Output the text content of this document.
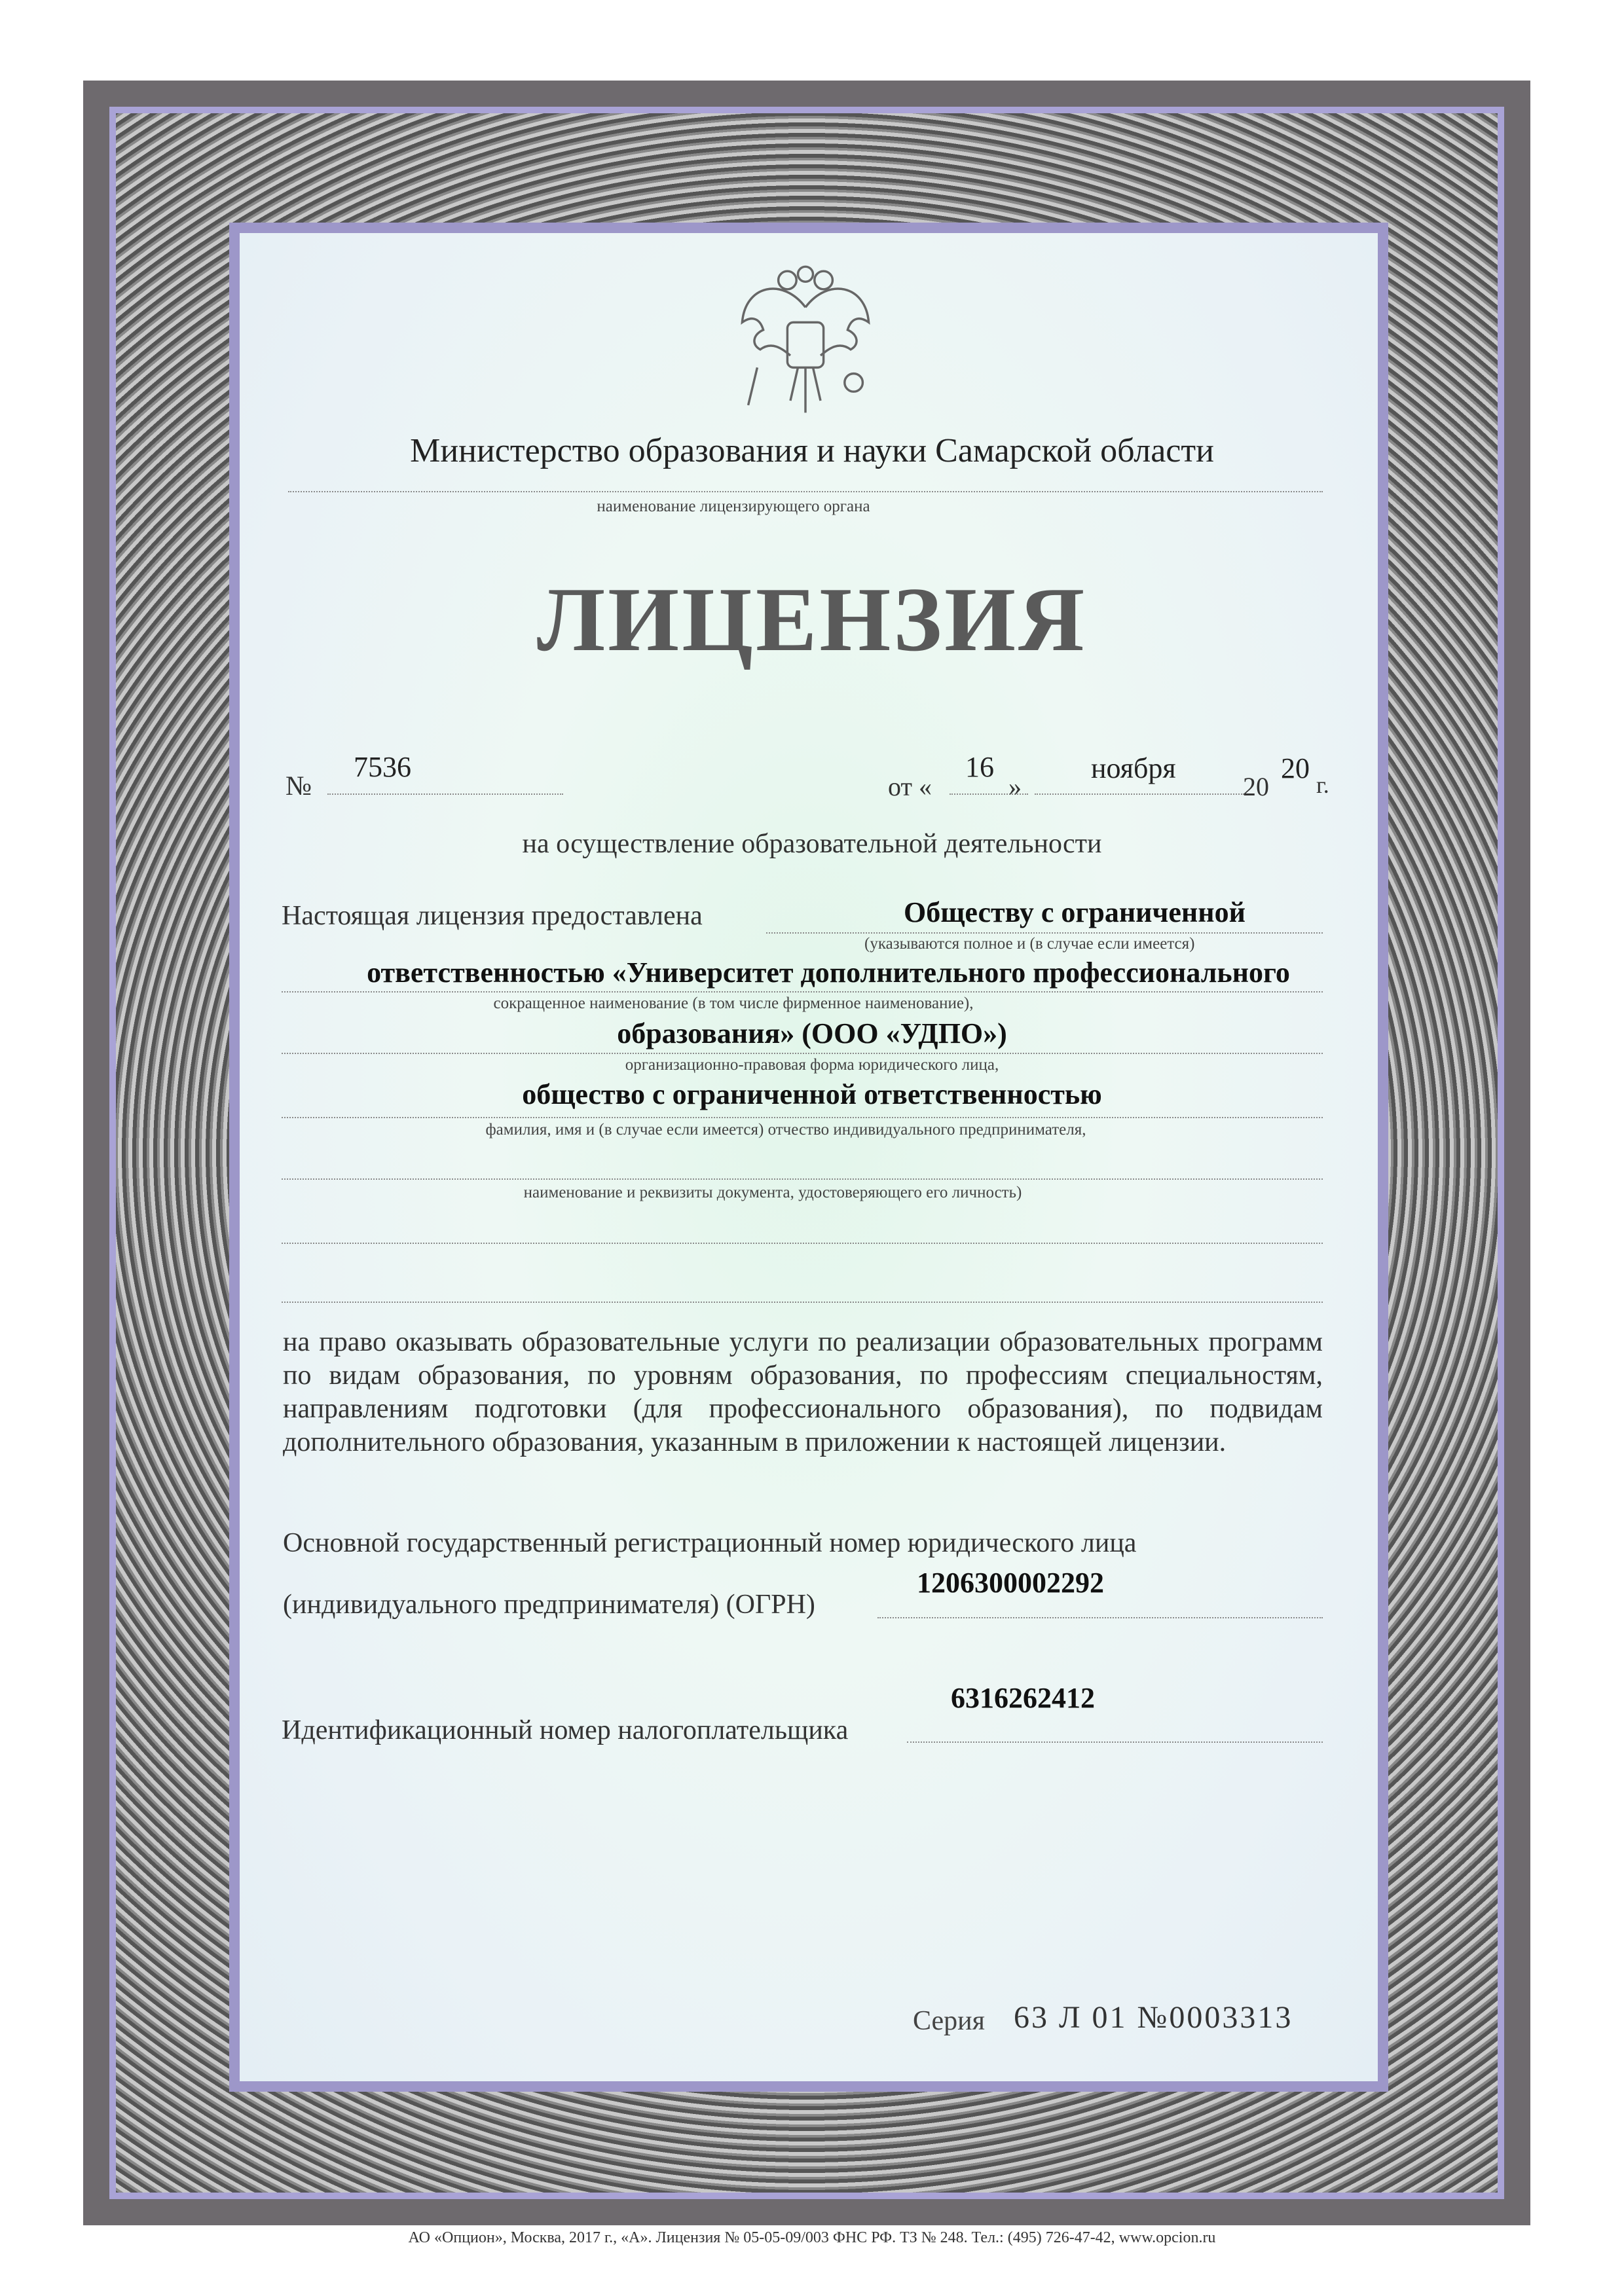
Министерство образования и науки Самарской области
наименование лицензирующего органа
ЛИЦЕНЗИЯ
№
7536
от «
16
»
ноября
20
20
г.
на осуществление образовательной деятельности
Настоящая лицензия предоставлена	Обществу с ограниченной
(указываются полное и (в случае если имеется)
ответственностью «Университет дополнительного профессионального
сокращенное наименование (в том числе фирменное наименование),
образования» (ООО «УДПО»)
организационно-правовая форма юридического лица,
общество с ограниченной ответственностью
фамилия, имя и (в случае если имеется) отчество индивидуального предпринимателя,
наименование и реквизиты документа, удостоверяющего его личность)
на право оказывать образовательные услуги по реализации образовательных программ по видам образования, по уровням образования, по профессиям специальностям, направлениям подготовки (для профессионального образования), по подвидам дополнительного образования, указанным в приложении к настоящей лицензии.
Основной государственный регистрационный номер юридического лица
(индивидуального предпринимателя) (ОГРН)
1206300002292
Идентификационный номер налогоплательщика
6316262412
Серия 63 Л 01 №0003313
АО «Опцион», Москва, 2017 г., «А». Лицензия № 05-05-09/003 ФНС РФ. ТЗ № 248. Тел.: (495) 726-47-42, www.opcion.ru
